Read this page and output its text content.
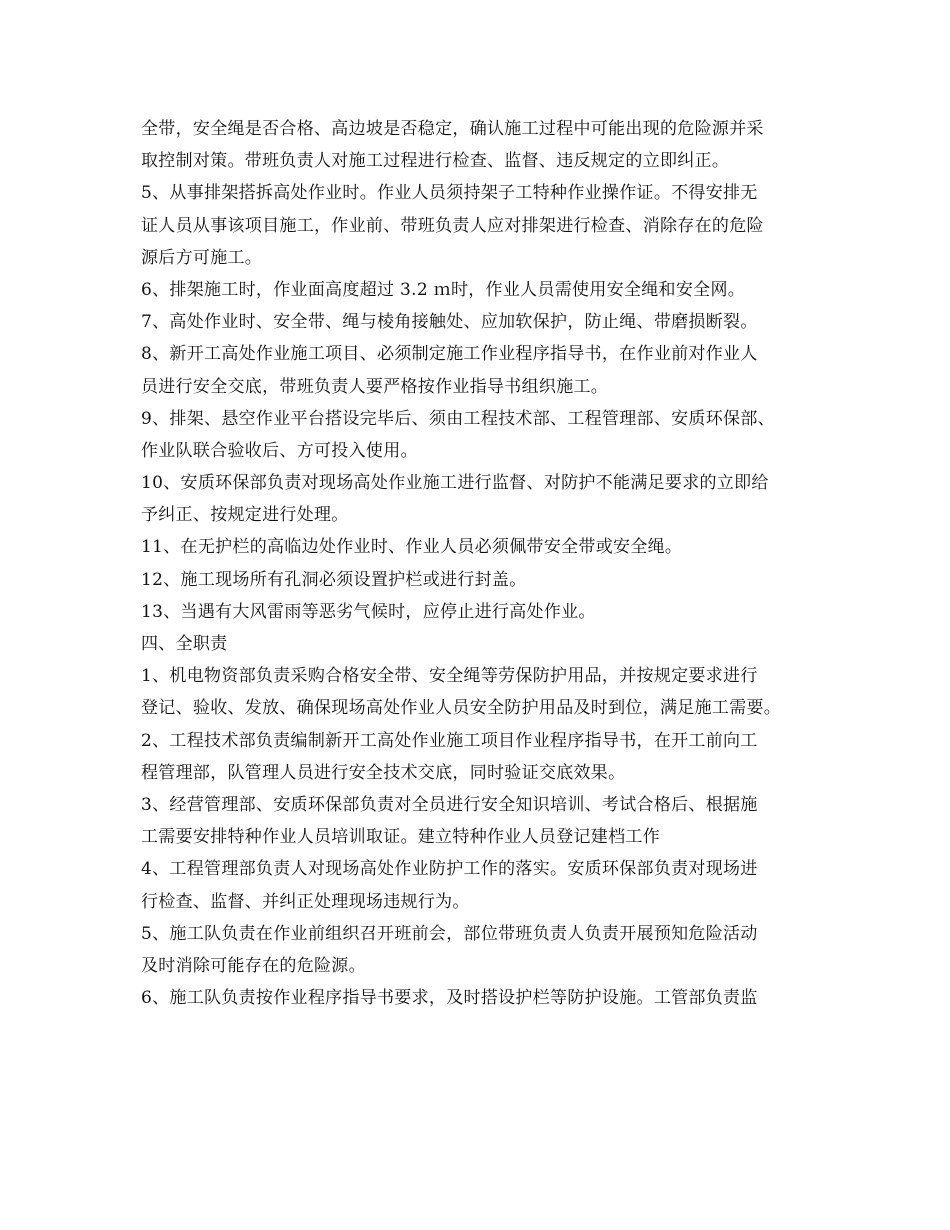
全带，安全绳是否合格、高边坡是否稳定，确认施工过程中可能出现的危险源并采
取控制对策。带班负责人对施工过程进行检查、监督、违反规定的立即纠正。
5、从事排架搭拆高处作业时。作业人员须持架子工特种作业操作证。不得安排无
证人员从事该项目施工，作业前、带班负责人应对排架进行检查、消除存在的危险
源后方可施工。
6、排架施工时，作业面高度超过 3.2 ｍ时，作业人员需使用安全绳和安全网。
7、高处作业时、安全带、绳与棱角接触处、应加软保护，防止绳、带磨损断裂。
8、新开工高处作业施工项目、必须制定施工作业程序指导书，在作业前对作业人
员进行安全交底，带班负责人要严格按作业指导书组织施工。
9、排架、悬空作业平台搭设完毕后、须由工程技术部、工程管理部、安质环保部、
作业队联合验收后、方可投入使用。
10、安质环保部负责对现场高处作业施工进行监督、对防护不能满足要求的立即给
予纠正、按规定进行处理。
11、在无护栏的高临边处作业时、作业人员必须佩带安全带或安全绳。
12、施工现场所有孔洞必须设置护栏或进行封盖。
13、当遇有大风雷雨等恶劣气候时，应停止进行高处作业。
四、全职责
1、机电物资部负责采购合格安全带、安全绳等劳保防护用品，并按规定要求进行
登记、验收、发放、确保现场高处作业人员安全防护用品及时到位，满足施工需要。
2、工程技术部负责编制新开工高处作业施工项目作业程序指导书，在开工前向工
程管理部，队管理人员进行安全技术交底，同时验证交底效果。
3、经营管理部、安质环保部负责对全员进行安全知识培训、考试合格后、根据施
工需要安排特种作业人员培训取证。建立特种作业人员登记建档工作
4、工程管理部负责人对现场高处作业防护工作的落实。安质环保部负责对现场进
行检查、监督、并纠正处理现场违规行为。
5、施工队负责在作业前组织召开班前会，部位带班负责人负责开展预知危险活动
及时消除可能存在的危险源。
6、施工队负责按作业程序指导书要求，及时搭设护栏等防护设施。工管部负责监
